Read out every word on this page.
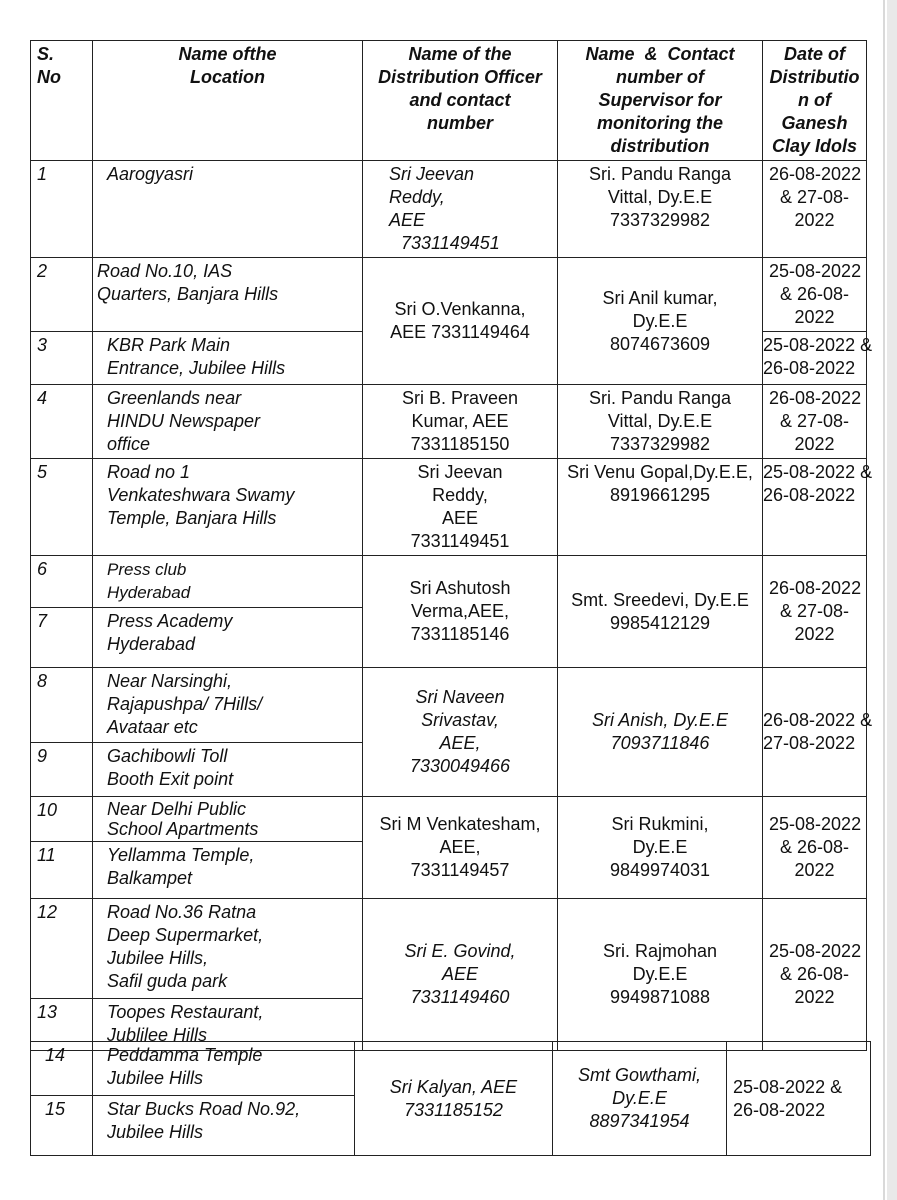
S.
No	Name ofthe
Location	Name of the
Distribution Officer
and contact
number	Name  &  Contact
number of
Supervisor for
monitoring the
distribution	Date of
Distributio
n of
Ganesh
Clay Idols

1	Aarogyasri	Sri Jeevan
Reddy,
AEE
7331149451	Sri. Pandu Ranga
Vittal, Dy.E.E
7337329982	26-08-2022
& 27-08-
2022

2	Road No.10, IAS
Quarters, Banjara Hills	Sri O.Venkanna,
AEE 7331149464	Sri Anil kumar,
Dy.E.E
8074673609	25-08-2022
& 26-08-
2022

3	KBR Park Main
Entrance, Jubilee Hills			25-08-2022 &
26-08-2022

4	Greenlands near
HINDU Newspaper
office	Sri B. Praveen
Kumar, AEE
7331185150	Sri. Pandu Ranga
Vittal, Dy.E.E
7337329982	26-08-2022
& 27-08-
2022

5	Road no 1
Venkateshwara Swamy
Temple, Banjara Hills	Sri Jeevan
Reddy,
AEE
7331149451	Sri Venu Gopal,Dy.E.E,
8919661295	25-08-2022 &
26-08-2022

6	Press club
Hyderabad	Sri Ashutosh
Verma,AEE,
7331185146	Smt. Sreedevi, Dy.E.E
9985412129	26-08-2022
& 27-08-
2022

7	Press Academy
Hyderabad			

8	Near Narsinghi,
Rajapushpa/ 7Hills/
Avataar etc	Sri Naveen
Srivastav,
AEE,
7330049466	Sri Anish, Dy.E.E
7093711846	26-08-2022 &
27-08-2022

9	Gachibowli Toll
Booth Exit point			

10	Near Delhi Public
School Apartments	Sri M Venkatesham,
AEE,
7331149457	Sri Rukmini,
Dy.E.E
9849974031	25-08-2022
& 26-08-
2022

11	Yellamma Temple,
Balkampet			

12	Road No.36 Ratna
Deep Supermarket,
Jubilee Hills,
Safil guda park	Sri E. Govind,
AEE
7331149460	Sri. Rajmohan
Dy.E.E
9949871088	25-08-2022
& 26-08-
2022

13	Toopes Restaurant,
Jublilee Hills			
14	Peddamma Temple
Jubilee Hills	Sri Kalyan, AEE
7331185152	Smt Gowthami,
Dy.E.E
8897341954	25-08-2022 &
26-08-2022

15	Star Bucks Road No.92,
Jubilee Hills			
